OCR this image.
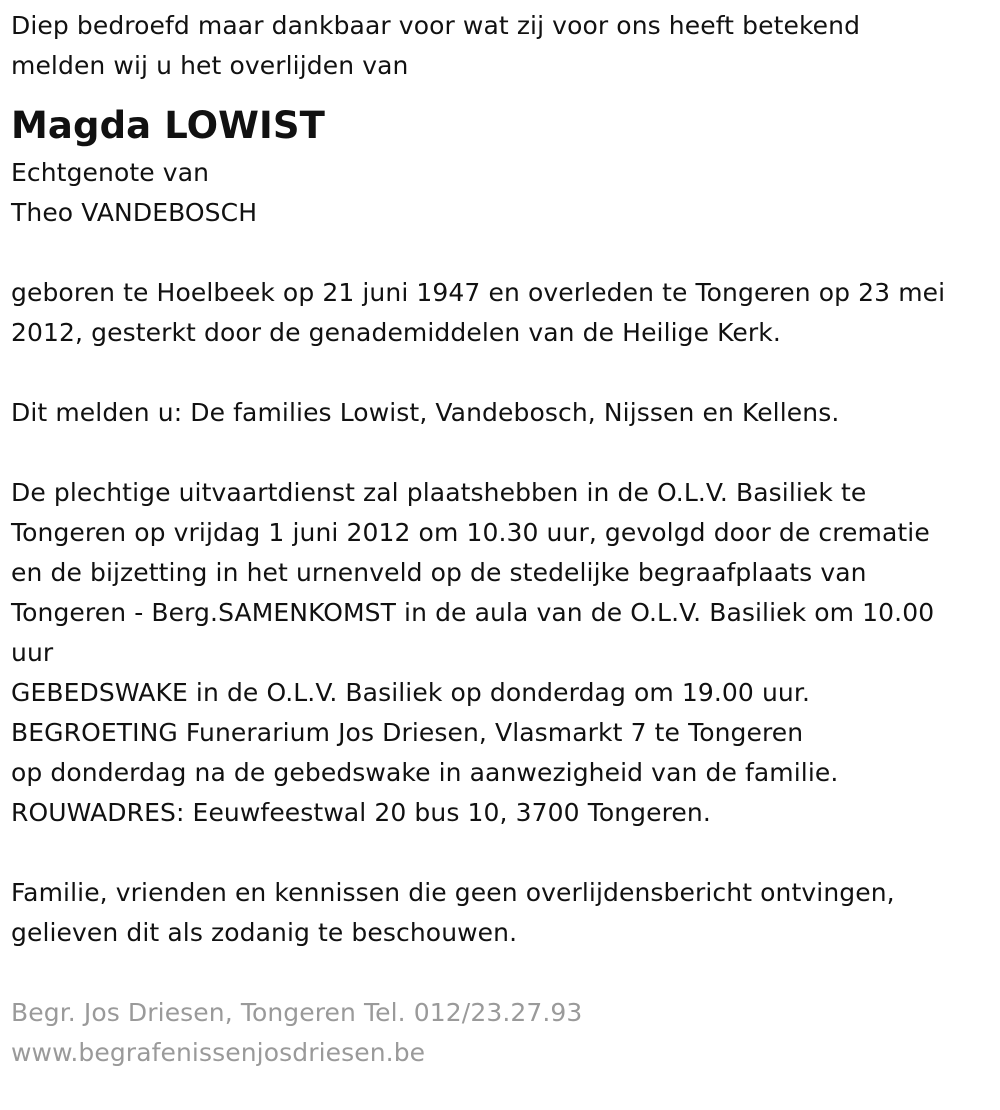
Diep bedroefd maar dankbaar voor wat zij voor ons heeft betekend
melden wij u het overlijden van
Magda LOWIST
Echtgenote van
Theo VANDEBOSCH
geboren te Hoelbeek op 21 juni 1947 en overleden te Tongeren op 23 mei
2012, gesterkt door de genademiddelen van de Heilige Kerk.
Dit melden u: De families Lowist, Vandebosch, Nijssen en Kellens.
De plechtige uitvaartdienst zal plaatshebben in de O.L.V. Basiliek te
Tongeren op vrijdag 1 juni 2012 om 10.30 uur, gevolgd door de crematie
en de bijzetting in het urnenveld op de stedelijke begraafplaats van
Tongeren - Berg.SAMENKOMST in de aula van de O.L.V. Basiliek om 10.00
uur
GEBEDSWAKE in de O.L.V. Basiliek op donderdag om 19.00 uur.
BEGROETING Funerarium Jos Driesen, Vlasmarkt 7 te Tongeren
op donderdag na de gebedswake in aanwezigheid van de familie.
ROUWADRES: Eeuwfeestwal 20 bus 10, 3700 Tongeren.
Familie, vrienden en kennissen die geen overlijdensbericht ontvingen,
gelieven dit als zodanig te beschouwen.
Begr. Jos Driesen, Tongeren Tel. 012/23.27.93
www.begrafenissenjosdriesen.be
